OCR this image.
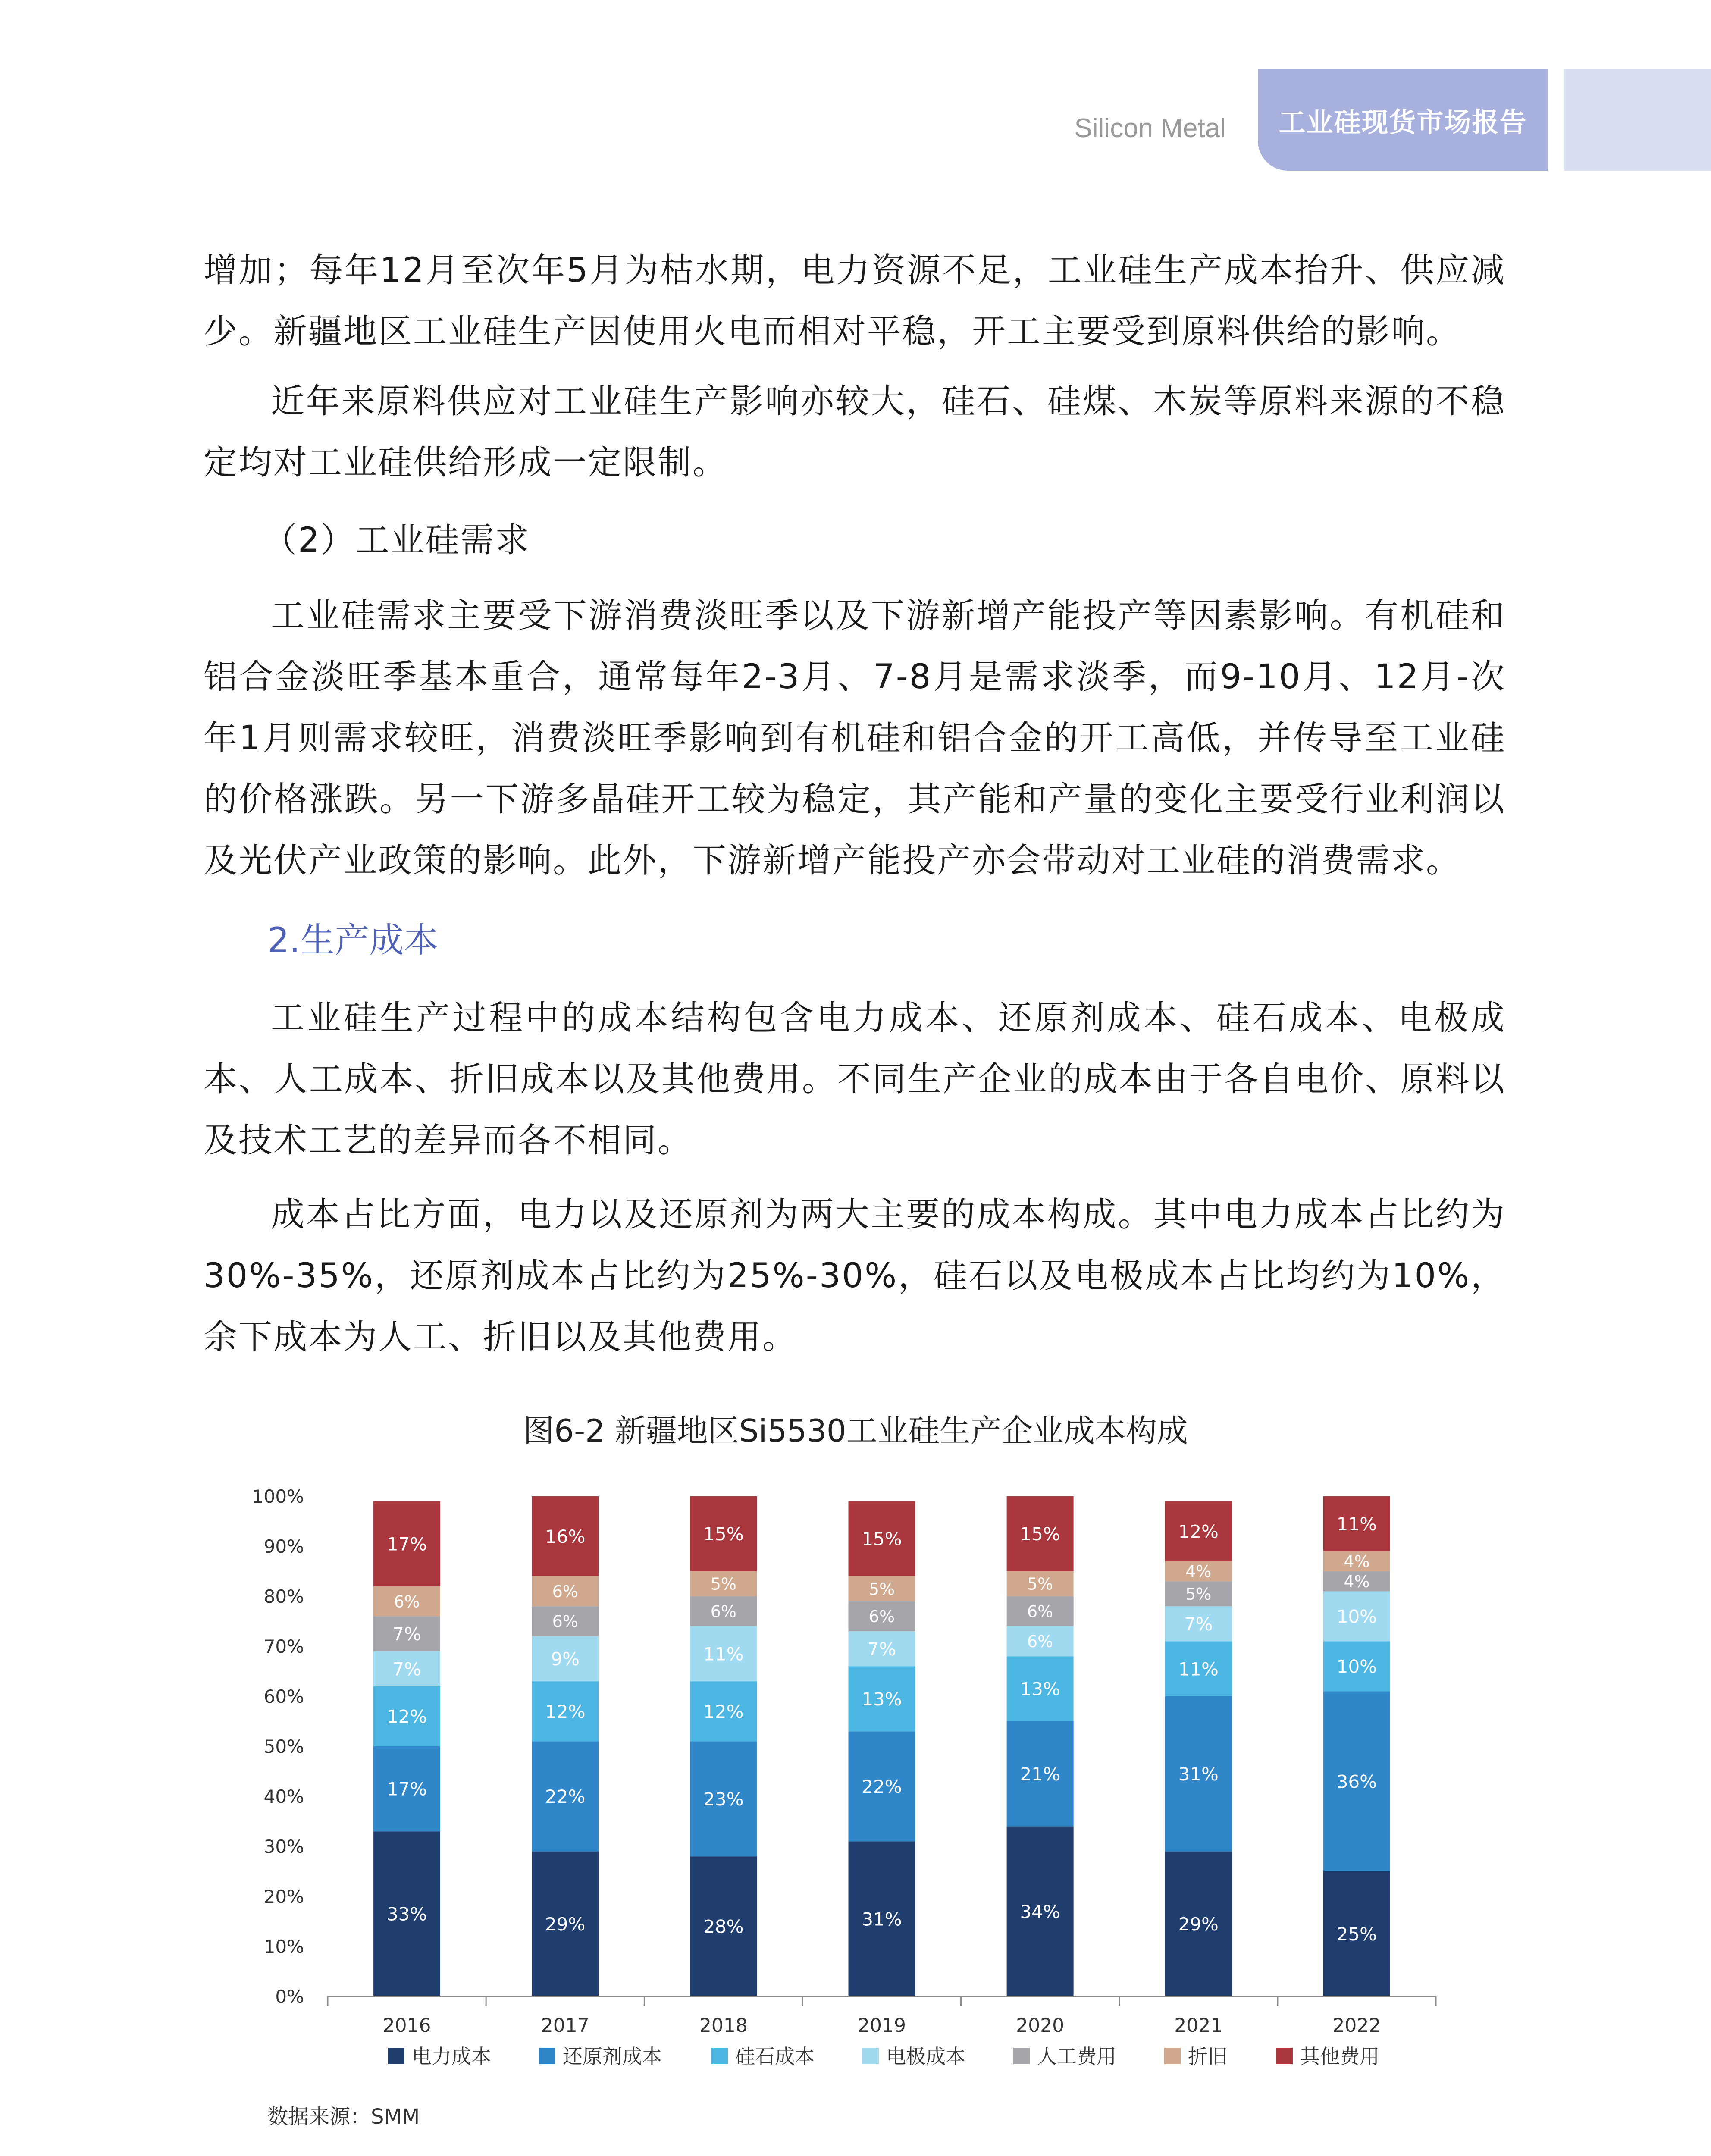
Silicon Metal	工业硅现货市场报告

增加；每年12月至次年5月为枯水期，电力资源不足，工业硅生产成本抬升、供应减少。新疆地区工业硅生产因使用火电而相对平稳，开工主要受到原料供给的影响。

近年来原料供应对工业硅生产影响亦较大，硅石、硅煤、木炭等原料来源的不稳定均对工业硅供给形成一定限制。

（2）工业硅需求

工业硅需求主要受下游消费淡旺季以及下游新增产能投产等因素影响。有机硅和铝合金淡旺季基本重合，通常每年2-3月、7-8月是需求淡季，而9-10月、12月-次年1月则需求较旺，消费淡旺季影响到有机硅和铝合金的开工高低，并传导至工业硅的价格涨跌。另一下游多晶硅开工较为稳定，其产能和产量的变化主要受行业利润以及光伏产业政策的影响。此外，下游新增产能投产亦会带动对工业硅的消费需求。

2.生产成本

工业硅生产过程中的成本结构包含电力成本、还原剂成本、硅石成本、电极成本、人工成本、折旧成本以及其他费用。不同生产企业的成本由于各自电价、原料以及技术工艺的差异而各不相同。

成本占比方面，电力以及还原剂为两大主要的成本构成。其中电力成本占比约为30%-35%，还原剂成本占比约为25%-30%，硅石以及电极成本占比均约为10%，余下成本为人工、折旧以及其他费用。

图6-2 新疆地区Si5530工业硅生产企业成本构成
0%
10%
20%
30%
40%
50%
60%
70%
80%
90%
100%
33%
17%
12%
7%
7%
6%
17%
2016
29%
22%
12%
9%
6%
6%
16%
2017
28%
23%
12%
11%
6%
5%
15%
2018
31%
22%
13%
7%
6%
5%
15%
2019
34%
21%
13%
6%
6%
5%
15%
2020
29%
31%
11%
7%
5%
4%
12%
2021
25%
36%
10%
10%
4%
4%
11%
2022
电力成本	还原剂成本	硅石成本	电极成本	人工费用	折旧	其他费用
数据来源：SMM
